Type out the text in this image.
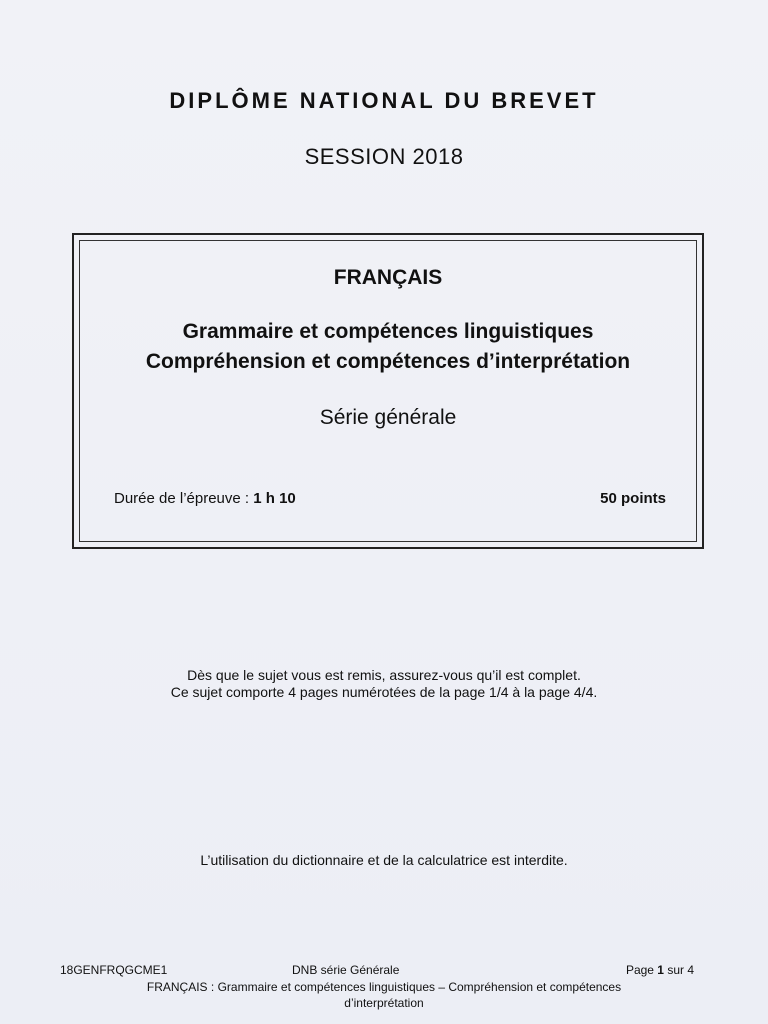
DIPLÔME NATIONAL DU BREVET
SESSION 2018
FRANÇAIS
Grammaire et compétences linguistiques
Compréhension et compétences d’interprétation
Série générale
Durée de l’épreuve : 1 h 10	50 points
Dès que le sujet vous est remis, assurez-vous qu’il est complet.
Ce sujet comporte 4 pages numérotées de la page 1/4 à la page 4/4.
L’utilisation du dictionnaire et de la calculatrice est interdite.
18GENFRQGCME1	DNB série Générale	Page 1 sur 4
FRANÇAIS : Grammaire et compétences linguistiques – Compréhension et compétences
d’interprétation
